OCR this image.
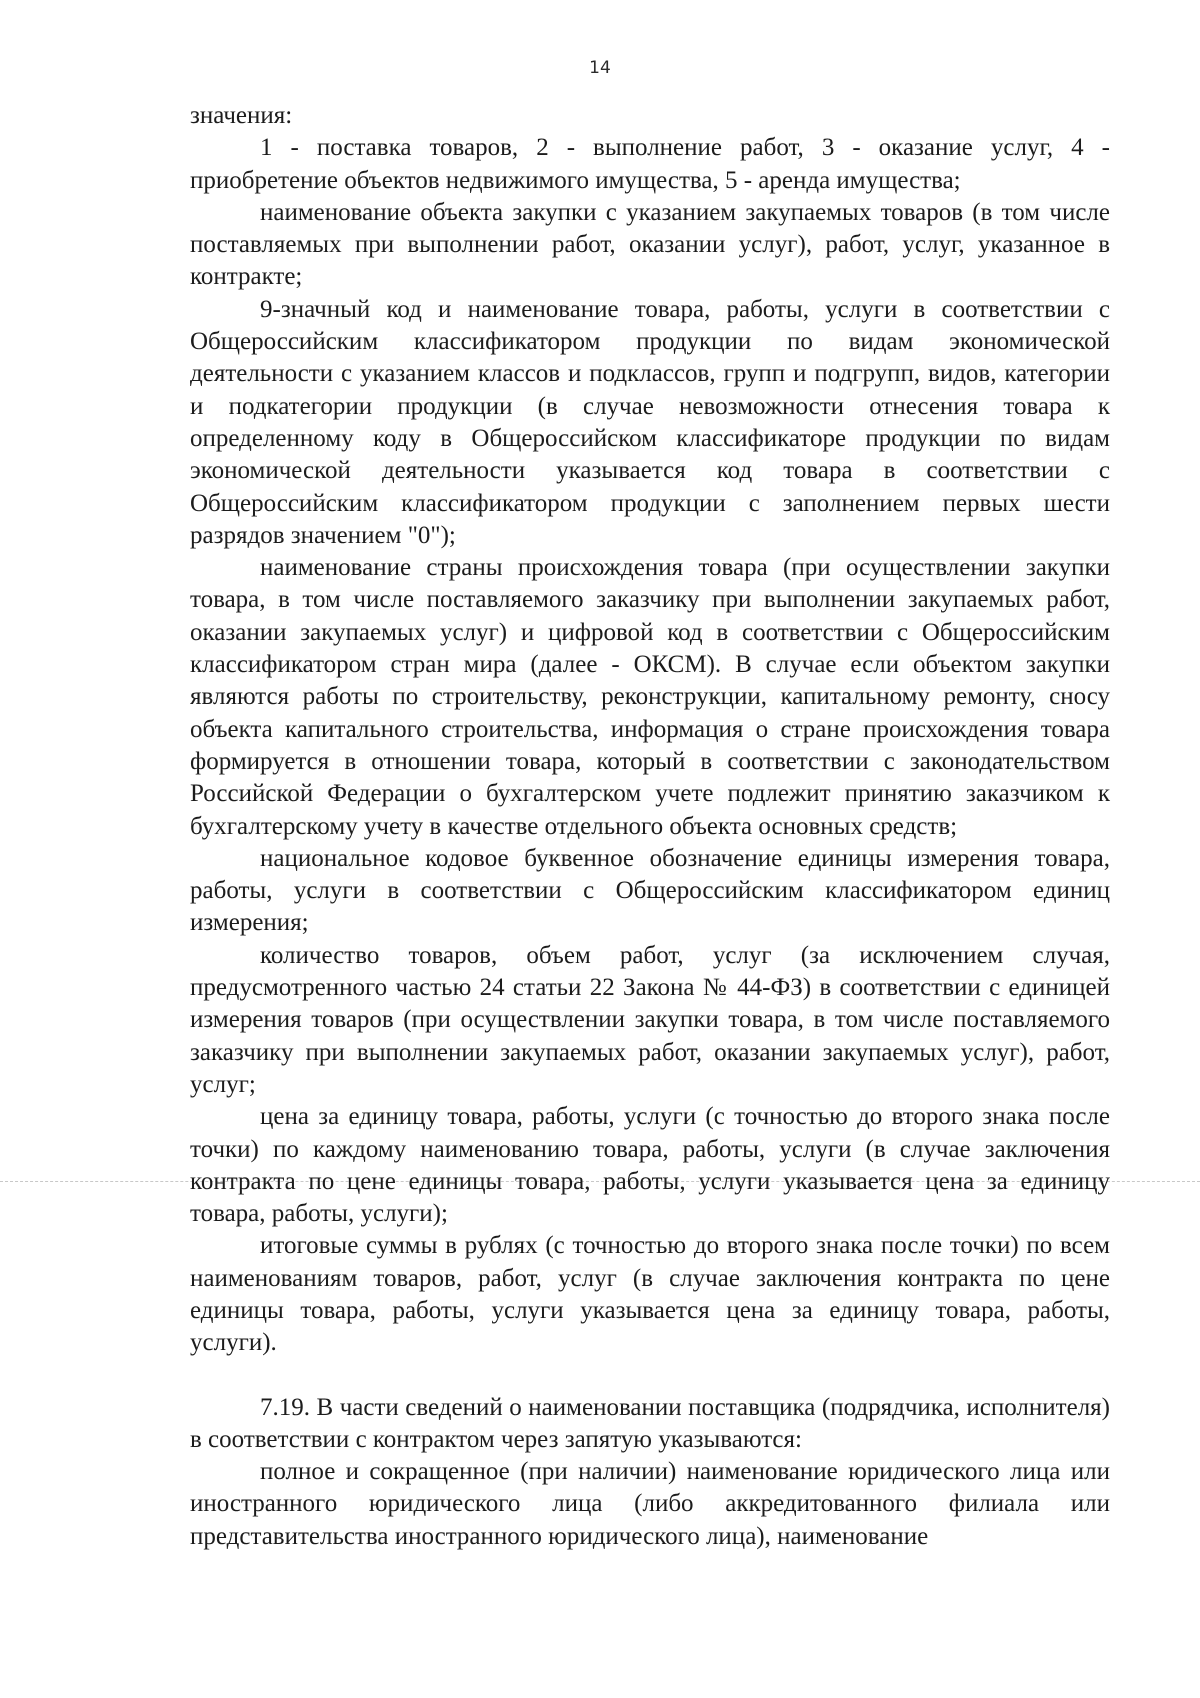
14

значения:

1 - поставка товаров, 2 - выполнение работ, 3 - оказание услуг, 4 - приобретение объектов недвижимого имущества, 5 - аренда имущества;

наименование объекта закупки с указанием закупаемых товаров (в том числе поставляемых при выполнении работ, оказании услуг), работ, услуг, указанное в контракте;

9-значный код и наименование товара, работы, услуги в соответствии с Общероссийским классификатором продукции по видам экономической деятельности с указанием классов и подклассов, групп и подгрупп, видов, категории и подкатегории продукции (в случае невозможности отнесения товара к определенному коду в Общероссийском классификаторе продукции по видам экономической деятельности указывается код товара в соответствии с Общероссийским классификатором продукции с заполнением первых шести разрядов значением "0");

наименование страны происхождения товара (при осуществлении закупки товара, в том числе поставляемого заказчику при выполнении закупаемых работ, оказании закупаемых услуг) и цифровой код в соответствии с Общероссийским классификатором стран мира (далее - ОКСМ). В случае если объектом закупки являются работы по строительству, реконструкции, капитальному ремонту, сносу объекта капитального строительства, информация о стране происхождения товара формируется в отношении товара, который в соответствии с законодательством Российской Федерации о бухгалтерском учете подлежит принятию заказчиком к бухгалтерскому учету в качестве отдельного объекта основных средств;

национальное кодовое буквенное обозначение единицы измерения товара, работы, услуги в соответствии с Общероссийским классификатором единиц измерения;

количество товаров, объем работ, услуг (за исключением случая, предусмотренного частью 24 статьи 22 Закона № 44-ФЗ) в соответствии с единицей измерения товаров (при осуществлении закупки товара, в том числе поставляемого заказчику при выполнении закупаемых работ, оказании закупаемых услуг), работ, услуг;

цена за единицу товара, работы, услуги (с точностью до второго знака после точки) по каждому наименованию товара, работы, услуги (в случае заключения контракта по цене единицы товара, работы, услуги указывается цена за единицу товара, работы, услуги);

итоговые суммы в рублях (с точностью до второго знака после точки) по всем наименованиям товаров, работ, услуг (в случае заключения контракта по цене единицы товара, работы, услуги указывается цена за единицу товара, работы, услуги).

7.19. В части сведений о наименовании поставщика (подрядчика, исполнителя) в соответствии с контрактом через запятую указываются:

полное и сокращенное (при наличии) наименование юридического лица или иностранного юридического лица (либо аккредитованного филиала или представительства иностранного юридического лица), наименование
